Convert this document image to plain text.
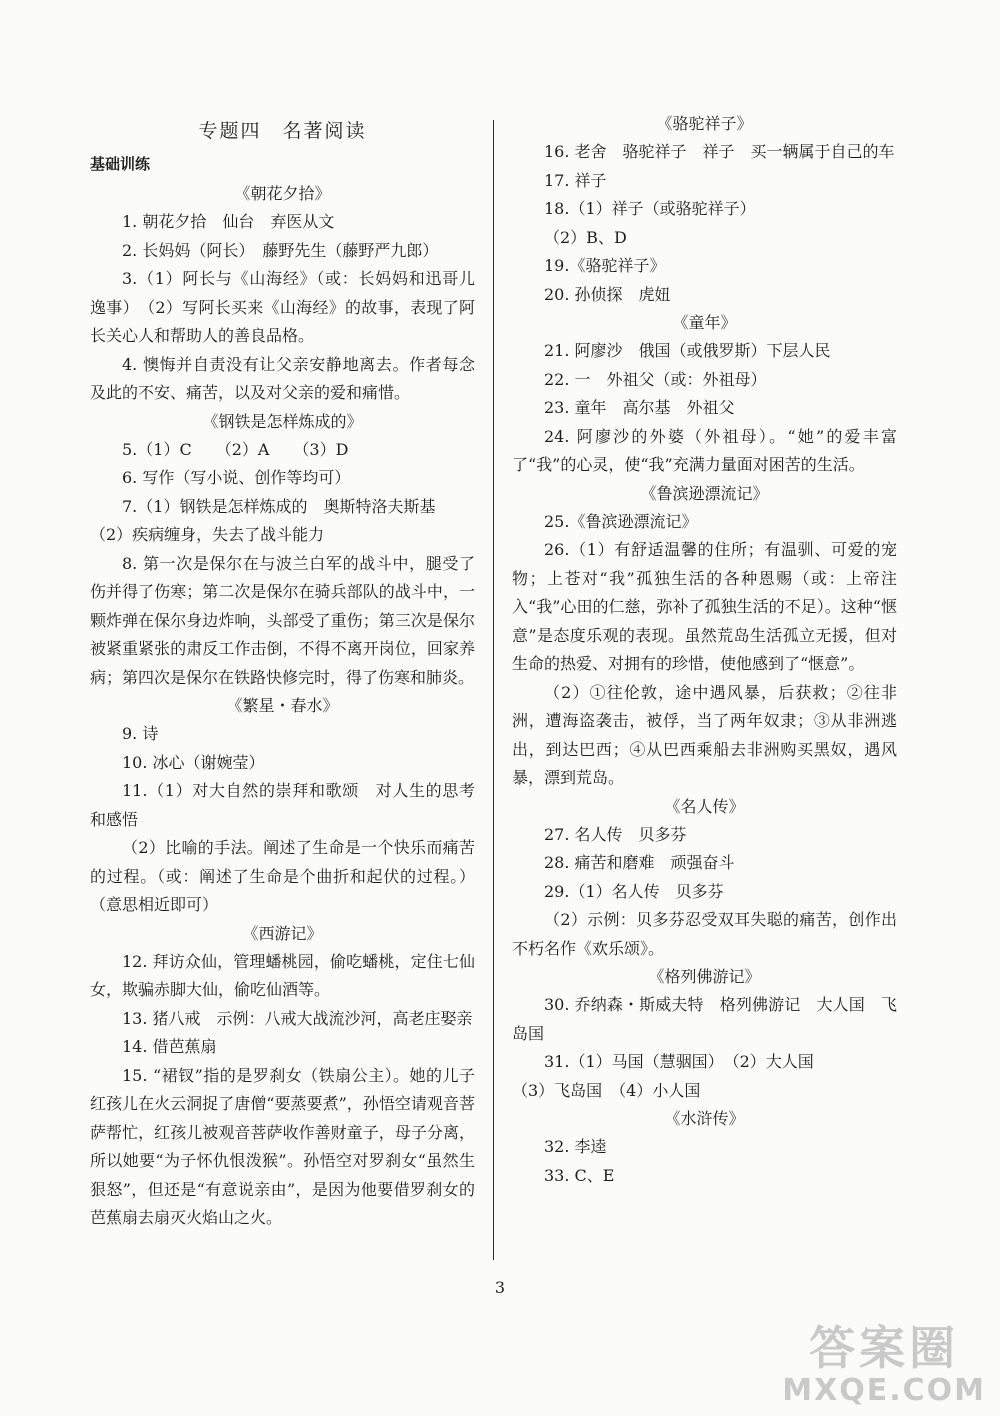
专题四　名著阅读
基础训练
《朝花夕拾》
1. 朝花夕拾　仙台　弃医从文
2. 长妈妈（阿长）　藤野先生（藤野严九郎）
3.（1）阿长与《山海经》（或：长妈妈和迅哥儿逸事）　（2）写阿长买来《山海经》的故事，表现了阿长关心人和帮助人的善良品格。
4. 懊悔并自责没有让父亲安静地离去。作者每念及此的不安、痛苦，以及对父亲的爱和痛惜。
《钢铁是怎样炼成的》
5.（1）C　　（2）A　　（3）D
6. 写作（写小说、创作等均可）
7.（1）钢铁是怎样炼成的　奥斯特洛夫斯基
（2）疾病缠身，失去了战斗能力
8. 第一次是保尔在与波兰白军的战斗中，腿受了伤并得了伤寒；第二次是保尔在骑兵部队的战斗中，一颗炸弹在保尔身边炸响，头部受了重伤；第三次是保尔被紧重紧张的肃反工作击倒，不得不离开岗位，回家养病；第四次是保尔在铁路快修完时，得了伤寒和肺炎。
《繁星・春水》
9. 诗
10. 冰心（谢婉莹）
11.（1）对大自然的崇拜和歌颂　对人生的思考和感悟
（2）比喻的手法。阐述了生命是一个快乐而痛苦的过程。（或：阐述了生命是个曲折和起伏的过程。）（意思相近即可）
《西游记》
12. 拜访众仙，管理蟠桃园，偷吃蟠桃，定住七仙女，欺骗赤脚大仙，偷吃仙酒等。
13. 猪八戒　示例：八戒大战流沙河，高老庄娶亲
14. 借芭蕉扇
15. “裙钗”指的是罗刹女（铁扇公主）。她的儿子红孩儿在火云洞捉了唐僧“要蒸要煮”，孙悟空请观音菩萨帮忙，红孩儿被观音菩萨收作善财童子，母子分离，所以她要“为子怀仇恨泼猴”。孙悟空对罗刹女“虽然生狠怒”，但还是“有意说亲由”，是因为他要借罗刹女的芭蕉扇去扇灭火焰山之火。
《骆驼祥子》
16. 老舍　骆驼祥子　祥子　买一辆属于自己的车
17. 祥子
18.（1）祥子（或骆驼祥子）
（2）B、D
19.《骆驼祥子》
20. 孙侦探　虎妞
《童年》
21. 阿廖沙　俄国（或俄罗斯）下层人民
22. 一　外祖父（或：外祖母）
23. 童年　高尔基　外祖父
24. 阿廖沙的外婆（外祖母）。“她”的爱丰富了“我”的心灵，使“我”充满力量面对困苦的生活。
《鲁滨逊漂流记》
25.《鲁滨逊漂流记》
26.（1）有舒适温馨的住所；有温驯、可爱的宠物；上苍对“我”孤独生活的各种恩赐（或：上帝注入“我”心田的仁慈，弥补了孤独生活的不足）。这种“惬意”是态度乐观的表现。虽然荒岛生活孤立无援，但对生命的热爱、对拥有的珍惜，使他感到了“惬意”。
（2）①往伦敦，途中遇风暴，后获救；②往非洲，遭海盗袭击，被俘，当了两年奴隶；③从非洲逃出，到达巴西；④从巴西乘船去非洲购买黑奴，遇风暴，漂到荒岛。
《名人传》
27. 名人传　贝多芬
28. 痛苦和磨难　顽强奋斗
29.（1）名人传　贝多芬
（2）示例：贝多芬忍受双耳失聪的痛苦，创作出不朽名作《欢乐颂》。
《格列佛游记》
30. 乔纳森・斯威夫特　格列佛游记　大人国　飞岛国
31.（1）马国（慧骃国）　（2）大人国
（3）飞岛国　（4）小人国
《水浒传》
32. 李逵
33. C、E
3
答案圈
MXQE.COM
